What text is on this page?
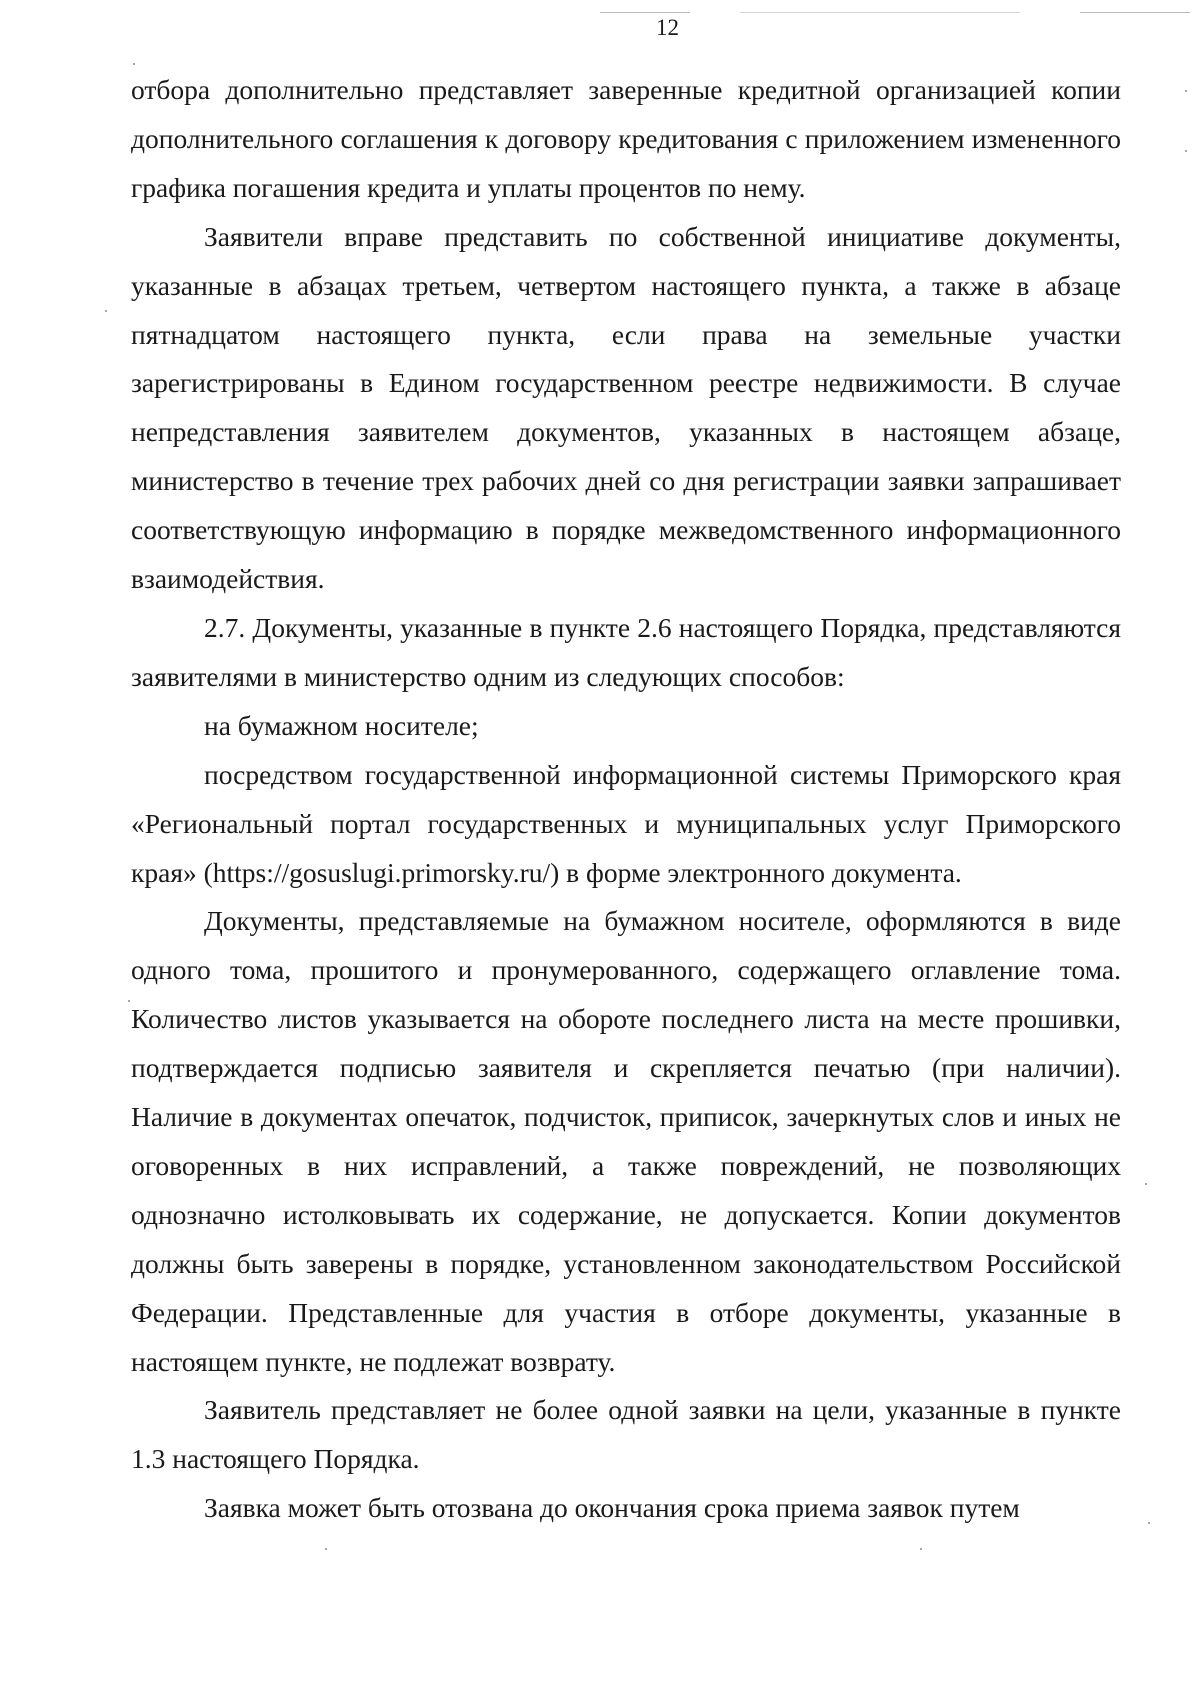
12

отбора дополнительно представляет заверенные кредитной организацией копии дополнительного соглашения к договору кредитования с приложением измененного графика погашения кредита и уплаты процентов по нему.

Заявители вправе представить по собственной инициативе документы, указанные в абзацах третьем, четвертом настоящего пункта, а также в абзаце пятнадцатом настоящего пункта, если права на земельные участки зарегистрированы в Едином государственном реестре недвижимости. В случае непредставления заявителем документов, указанных в настоящем абзаце, министерство в течение трех рабочих дней со дня регистрации заявки запрашивает соответствующую информацию в порядке межведомственного информационного взаимодействия.

2.7. Документы, указанные в пункте 2.6 настоящего Порядка, представляются заявителями в министерство одним из следующих способов:

на бумажном носителе;

посредством государственной информационной системы Приморского края «Региональный портал государственных и муниципальных услуг Приморского края» (https://gosuslugi.primorsky.ru/) в форме электронного документа.

Документы, представляемые на бумажном носителе, оформляются в виде одного тома, прошитого и пронумерованного, содержащего оглавление тома. Количество листов указывается на обороте последнего листа на месте прошивки, подтверждается подписью заявителя и скрепляется печатью (при наличии). Наличие в документах опечаток, подчисток, приписок, зачеркнутых слов и иных не оговоренных в них исправлений, а также повреждений, не позволяющих однозначно истолковывать их содержание, не допускается. Копии документов должны быть заверены в порядке, установленном законодательством Российской Федерации. Представленные для участия в отборе документы, указанные в настоящем пункте, не подлежат возврату.

Заявитель представляет не более одной заявки на цели, указанные в пункте 1.3 настоящего Порядка.

Заявка может быть отозвана до окончания срока приема заявок путем
